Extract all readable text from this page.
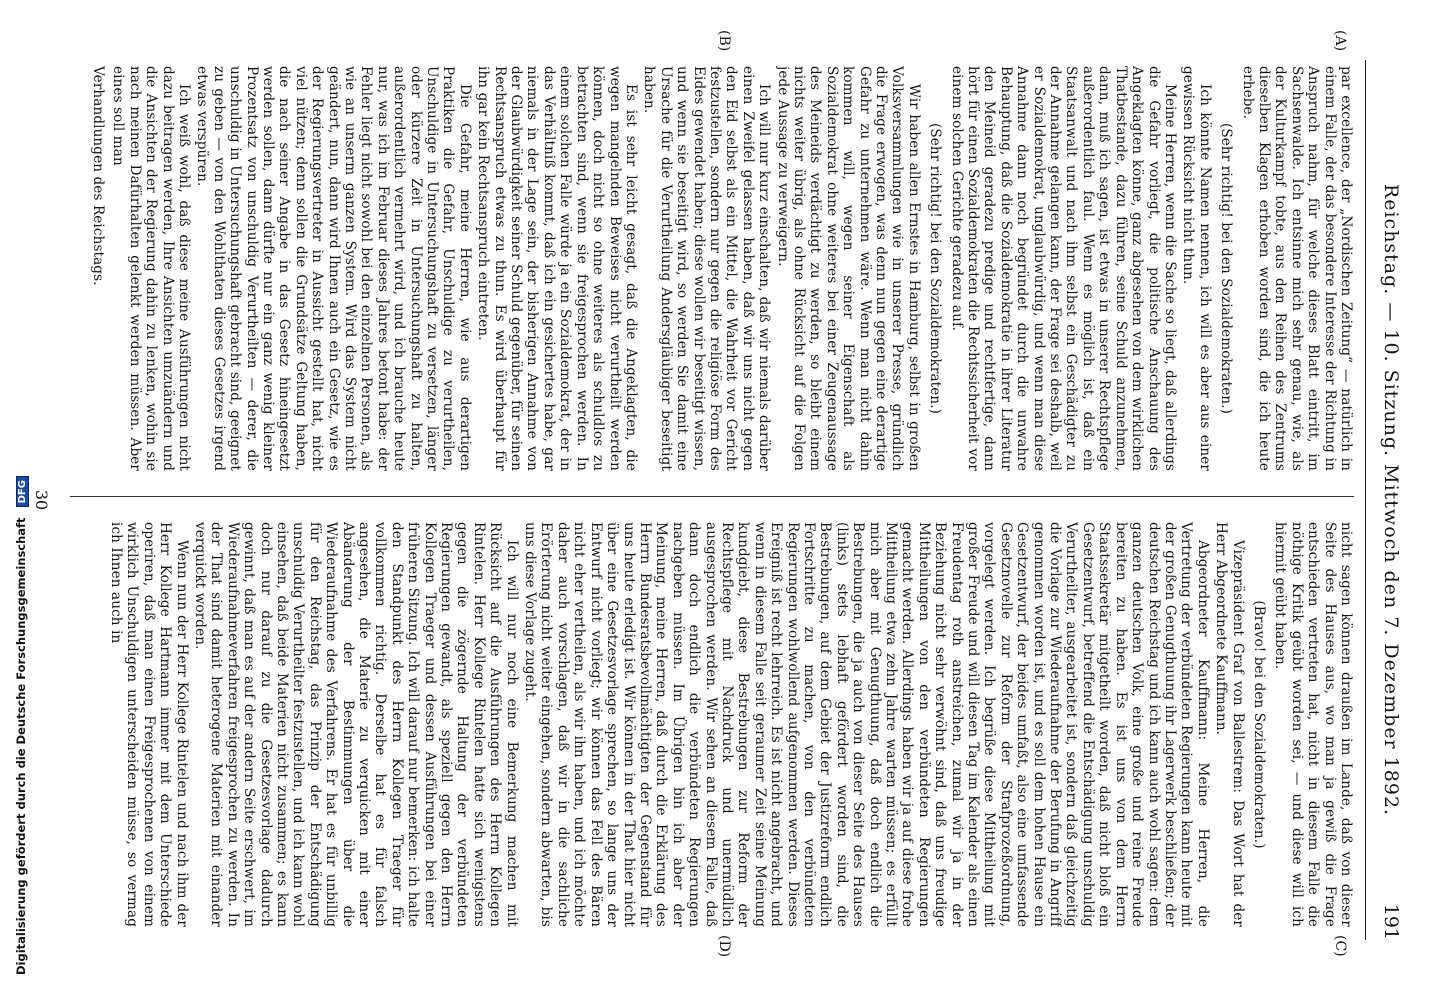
Reichstag. — 10. Sitzung. Mittwoch den 7. Dezember 1892.
191
(A)
(B)
(C)
(D)

par excellence, der „Nordischen Zeitung“ — natürlich in einem Falle, der das besondere Interesse der Richtung in Anspruch nahm, für welche dieses Blatt eintritt, im Sachsenwalde. Ich entsinne mich sehr genau, wie, als der Kulturkampf tobte, aus den Reihen des Zentrums dieselben Klagen erhoben worden sind, die ich heute erhebe.

(Sehr richtig! bei den Sozialdemokraten.)

Ich könnte Namen nennen, ich will es aber aus einer gewissen Rücksicht nicht thun.

Meine Herren, wenn die Sache so liegt, daß allerdings die Gefahr vorliegt, die politische Anschauung des Angeklagten könne, ganz abgesehen von dem wirklichen Thatbestande, dazu führen, seine Schuld anzunehmen, dann, muß ich sagen, ist etwas in unserer Rechtspflege außerordentlich faul. Wenn es möglich ist, daß ein Staatsanwalt und nach ihm selbst ein Geschädigter zu der Annahme gelangen kann, der Frage sei deshalb, weil er Sozialdemokrat, unglaubwürdig, und wenn man diese Annahme dann noch begründet durch die unwahre Behauptung, daß die Sozialdemokratie in ihrer Literatur den Meineid geradezu predige und rechtfertige, dann hört für einen Sozialdemokraten die Rechtssicherheit vor einem solchen Gerichte geradezu auf.

(Sehr richtig! bei den Sozialdemokraten.)

Wir haben allen Ernstes in Hamburg, selbst in großen Volksversammlungen wie in unserer Presse, gründlich die Frage erwogen, was denn nun gegen eine derartige Gefahr zu unternehmen wäre. Wenn man nicht dahin kommen will, wegen seiner Eigenschaft als Sozialdemokrat ohne weiteres bei einer Zeugenaussage des Meineids verdächtigt zu werden, so bleibt einem nichts weiter übrig, als ohne Rücksicht auf die Folgen jede Aussage zu verweigern.

Ich will nur kurz einschalten, daß wir niemals darüber einen Zweifel gelassen haben, daß wir uns nicht gegen den Eid selbst als ein Mittel, die Wahrheit vor Gericht festzustellen, sondern nur gegen die religiöse Form des Eides gewendet haben; diese wollen wir beseitigt wissen, und wenn sie beseitigt wird, so werden Sie damit eine Ursache für die Verurtheilung Andersgläubiger beseitigt haben.

Es ist sehr leicht gesagt, daß die Angeklagten, die wegen mangelnden Beweises nicht verurtheilt werden können, doch nicht so ohne weiteres als schuldlos zu betrachten sind, wenn sie freigesprochen werden. In einem solchen Falle würde ja ein Sozialdemokrat, der in das Verhältniß kommt, daß ich ein gesichertes habe, gar niemals in der Lage sein, der bisherigen Annahme von der Glaubwürdigkeit seiner Schuld gegenüber, für seinen Rechtsanspruch etwas zu thun. Es wird überhaupt für ihn gar kein Rechtsanspruch eintreten.

Die Gefahr, meine Herren, wie aus derartigen Praktiken die Gefahr, Unschuldige zu verurtheilen, Unschuldige in Untersuchungshaft zu versetzen, länger oder kürzere Zeit in Untersuchungshaft zu halten, außerordentlich vermehrt wird, und ich brauche heute nur, was ich im Februar dieses Jahres betont habe: der Fehler liegt nicht sowohl bei den einzelnen Personen, als wie an unserm ganzen System. Wird das System nicht geändert, nun, dann wird Ihnen auch ein Gesetz, wie es der Regierungsvertreter in Aussicht gestellt hat, nicht viel nützen; denn sollen die Grundsätze Geltung haben, die nach seiner Angabe in das Gesetz hineingesetzt werden sollen, dann dürfte nur ein ganz wenig kleiner Prozentsatz von unschuldig Verurtheilten — derer, die unschuldig in Untersuchungshaft gebracht sind, geeignet zu geben — von den Wohlthaten dieses Gesetzes irgend etwas verspüren.

Ich weiß wohl, daß diese meine Ausführungen nicht dazu beitragen werden, Ihre Ansichten umzuändern und die Ansichten der Regierung dahin zu lenken, wohin sie nach meinen Dafürhalten gelenkt werden müssen. Aber eines soll man

Verhandlungen des Reichstags.

nicht sagen können draußen im Lande, daß von dieser Seite des Hauses aus, wo man ja gewiß die Frage entschieden vertreten hat, nicht in diesem Falle die nöthige Kritik geübt worden sei, — und diese will ich hiermit geübt haben.

(Bravo! bei den Sozialdemokraten.)

Vizepräsident Graf von Ballestrem: Das Wort hat der Herr Abgeordnete Kauffmann.

Abgeordneter Kauffmann: Meine Herren, die Vertretung der verbündeten Regierungen kann heute mit der großen Genugthuung ihr Lagerwerk beschließen; der deutschen Reichstag und ich kann auch wohl sagen: dem ganzen deutschen Volk, eine große und reine Freude bereiten zu haben. Es ist uns von dem Herrn Staatssekretär mitgetheilt worden, daß nicht bloß ein Gesetzentwurf, betreffend die Entschädigung unschuldig Verurtheilter, ausgearbeitet ist, sondern daß gleichzeitig die Vorlage zur Wiederaufnahme der Berufung in Angriff genommen worden ist, und es soll dem hohen Hause ein Gesetzentwurf, der beides umfaßt, also eine umfassende Gesetznovelle zur Reform der Strafprozeßordnung, vorgelegt werden. Ich begrüße diese Mittheilung mit großer Freude und will diesen Tag im Kalender als einen Freudentag roth anstreichen, zumal wir ja in der Beziehung nicht sehr verwöhnt sind, daß uns freudige Mittheilungen von den verbündeten Regierungen gemacht werden. Allerdings haben wir ja auf diese frohe Mittheilung etwa zehn Jahre warten müssen; es erfüllt mich aber mit Genugthuung, daß doch endlich die Bestrebungen, die ja auch von dieser Seite des Hauses (links) stets lebhaft gefördert worden sind, die Bestrebungen, auf dem Gebiet der Justizreform endlich Fortschritte zu machen, von den verbündeten Regierungen wohlwollend aufgenommen werden. Dieses Ereigniß ist recht lehrreich. Es ist nicht angebracht, und wenn in diesem Falle seit geraumer Zeit seine Meinung kundgiebt, diese Bestrebungen zur Reform der Rechtspflege mit Nachdruck und unermüdlich ausgesprochen werden. Wir sehen an diesem Falle, daß dann doch endlich die verbündeten Regierungen nachgeben müssen. Im Übrigen bin ich aber der Meinung, meine Herren, daß durch die Erklärung des Herrn Bundesratsbevollmächtigten der Gegenstand für uns heute erledigt ist. Wir können in der That hier nicht über eine Gesetzesvorlage sprechen, so lange uns der Entwurf nicht vorliegt; wir können das Fell des Bären nicht eher vertheilen, als wir ihn haben, und ich möchte daher auch vorschlagen, daß wir in die sachliche Erörterung nicht weiter eingehen, sondern abwarten, bis uns diese Vorlage zugeht.

Ich will nur noch eine Bemerkung machen mit Rücksicht auf die Ausführungen des Herrn Kollegen Rintelen. Herr Kollege Rintelen hatte sich wenigstens gegen die zögernde Haltung der verbündeten Regierungen gewandt, als speziell gegen den Herrn Kollegen Traeger und dessen Ausführungen bei einer früheren Sitzung. Ich will darauf nur bemerken: ich halte den Standpunkt des Herrn Kollegen Traeger für vollkommen richtig. Derselbe hat es für falsch angesehen, die Materie zu verquicken mit einer Abänderung der Bestimmungen über die Wiederaufnahme des Verfahrens. Er hat es für unbillig für den Reichstag, das Prinzip der Entschädigung unschuldig Verurtheilter festzustellen, und ich kann wohl einsehen, daß beide Materien nicht zusammen; es kann doch nur darauf zu die Gesetzesvorlage dadurch gewinnt, daß man es auf der andern Seite erschwert, im Wiederaufnahmeverfahren freigesprochen zu werden. In der That sind damit heterogene Materien mit einander verquickt worden.

Wenn nun der Herr Kollege Rintelen und nach ihm der Herr Kollege Hartmann immer mit dem Unterschiede operiren, daß man einen Freigesprochenen von einem wirklich Unschuldigen unterscheiden müsse, so vermag ich Ihnen auch in

30
Digitalisierung gefördert durch die Deutsche Forschungsgemeinschaft DFG
